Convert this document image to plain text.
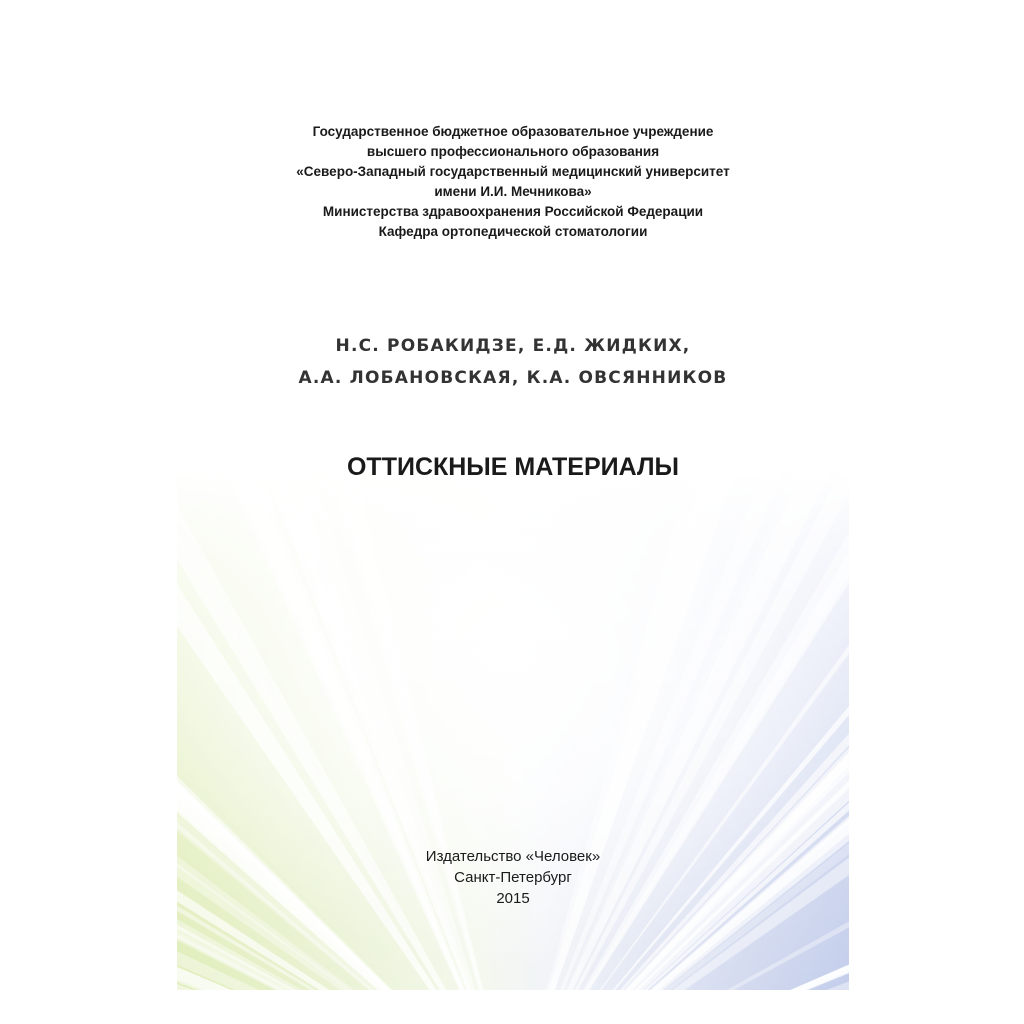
Государственное бюджетное образовательное учреждение
высшего профессионального образования
«Северо-Западный государственный медицинский университет
имени И.И. Мечникова»
Министерства здравоохранения Российской Федерации
Кафедра ортопедической стоматологии
Н.С. РОБАКИДЗЕ, Е.Д. ЖИДКИХ,
А.А. ЛОБАНОВСКАЯ, К.А. ОВСЯННИКОВ
ОТТИСКНЫЕ МАТЕРИАЛЫ
Издательство «Человек»
Санкт-Петербург
2015
